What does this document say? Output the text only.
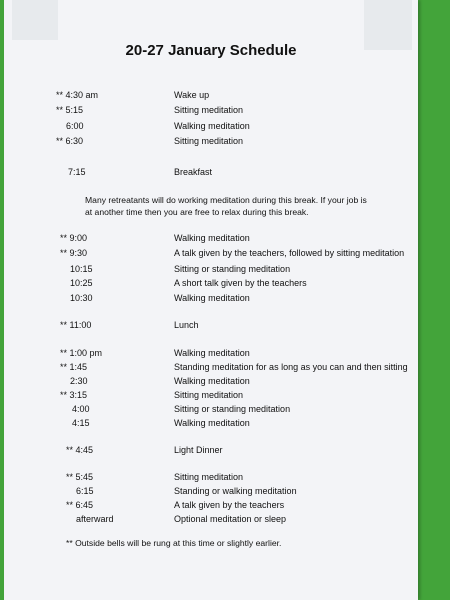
20-27 January Schedule
** 4:30 am	Wake up
** 5:15	Sitting meditation
6:00	Walking meditation
** 6:30	Sitting meditation
7:15	Breakfast
** 9:00	Walking meditation
** 9:30	A talk given by the teachers, followed by sitting meditation
10:15	Sitting or standing meditation
10:25	A short talk given by the teachers
10:30	Walking meditation
** 11:00	Lunch
** 1:00 pm	Walking meditation
** 1:45	Standing meditation for as long as you can and then sitting
2:30	Walking meditation
** 3:15	Sitting meditation
4:00	Sitting or standing meditation
4:15	Walking meditation
** 4:45	Light Dinner
** 5:45	Sitting meditation
6:15	Standing or walking meditation
** 6:45	A talk given by the teachers
afterward	Optional meditation or sleep
Many retreatants will do working meditation during this break. If your job is
at another time then you are free to relax during this break.
** Outside bells will be rung at this time or slightly earlier.
